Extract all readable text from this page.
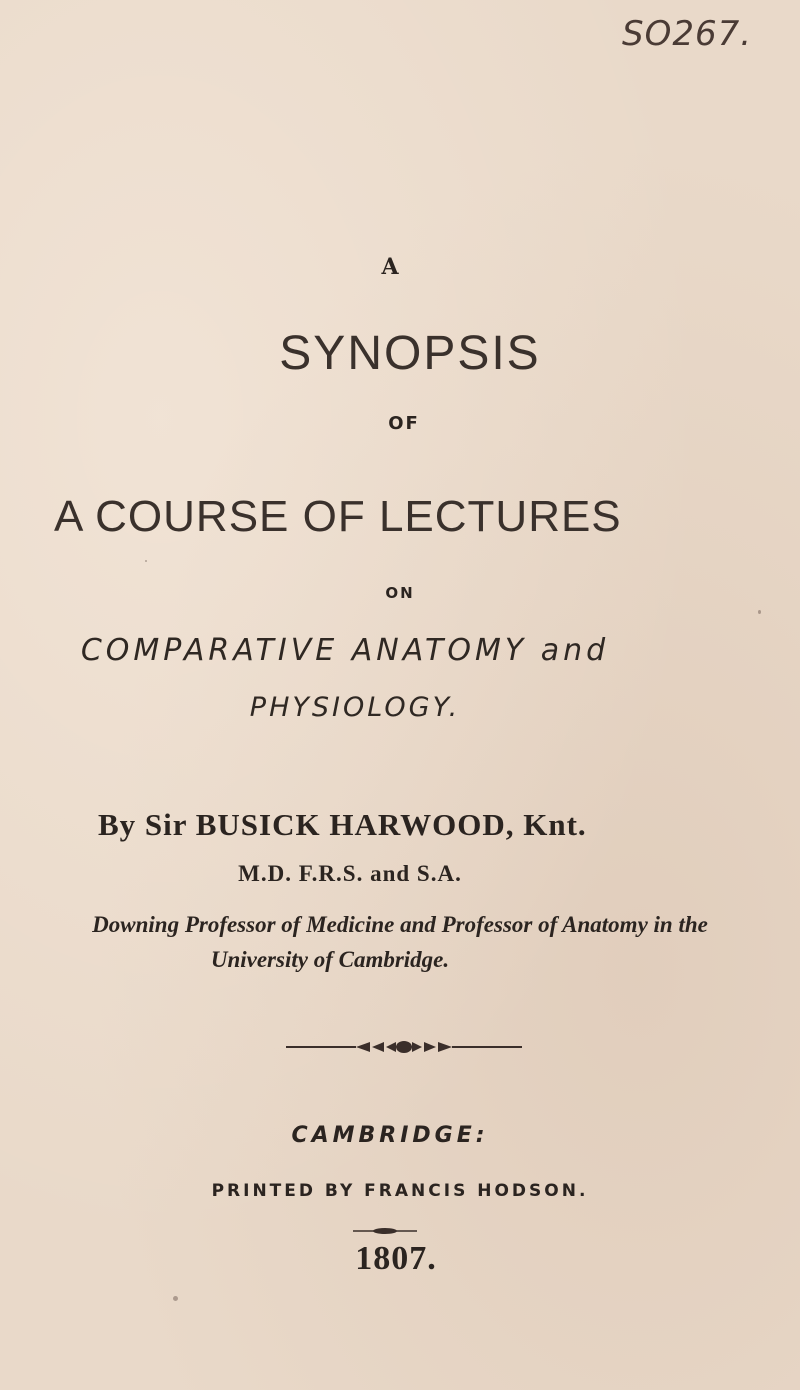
SO267.
A
SYNOPSIS
OF
A COURSE OF LECTURES
ON
COMPARATIVE ANATOMY and
PHYSIOLOGY.
By Sir BUSICK HARWOOD, Knt.
M.D. F.R.S. and S.A.
Downing Professor of Medicine and Professor of Anatomy in the
University of Cambridge.
CAMBRIDGE:
PRINTED BY FRANCIS HODSON.
1807.
